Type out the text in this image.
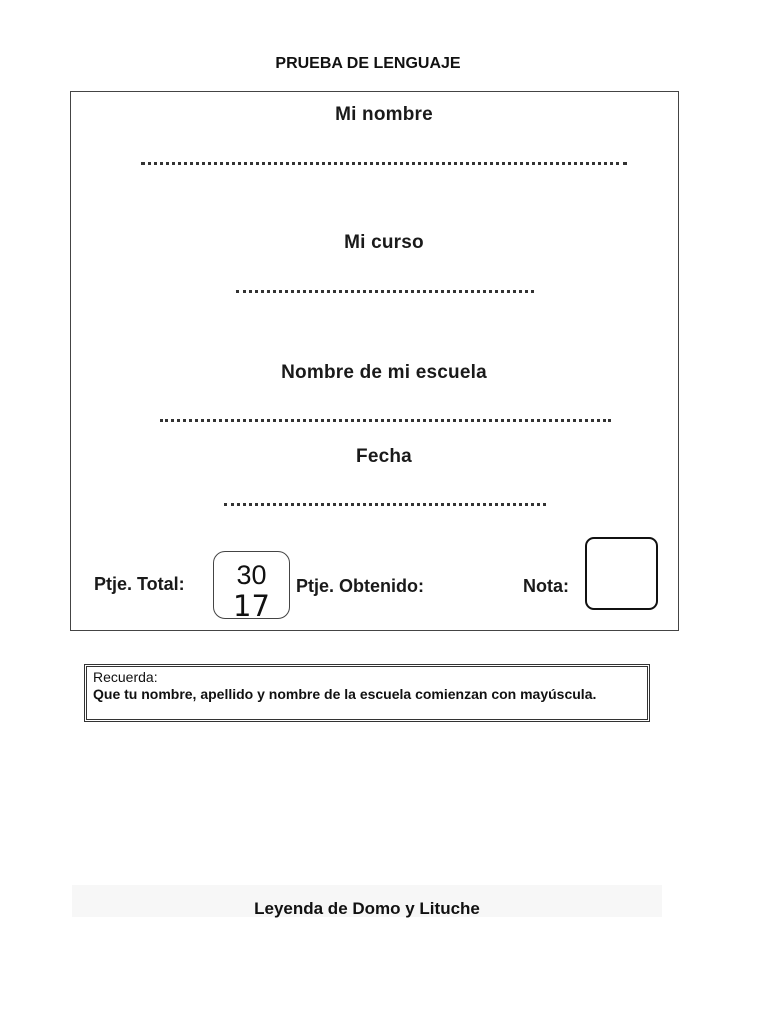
PRUEBA DE LENGUAJE
Mi nombre
Mi curso
Nombre de mi escuela
Fecha
Ptje. Total:	30
17
Ptje. Obtenido:	Nota:
Recuerda:
Que tu nombre, apellido y nombre de la escuela comienzan con mayúscula.
Leyenda de Domo y Lituche
